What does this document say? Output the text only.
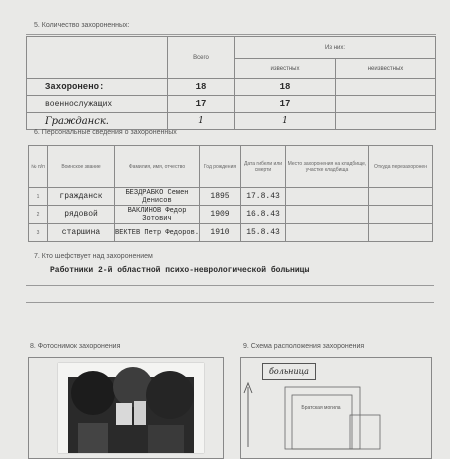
5. Количество захороненных:
	Всего	Из них:	
		известных	неизвестных
Захоронено:	18	18	
военнослужащих	17	17	
Гражданск.	1	1	
6. Персональные сведения о захороненных
№ п/п	Воинское звание	Фамилия, имя, отчество	Год рождения	Дата гибели или смерти	Место захоронения на кладбище, участке кладбища	Откуда перезахоронен
1	гражданск	БЕЗДРАБКО Семен Денисов	1895	17.8.43		
2	рядовой	ВАКЛИНОВ Федор Зотович	1909	16.8.43		
3	старшина	ВЕКТЕВ Петр Федоров.	1910	15.8.43		
7. Кто шефствует над захоронением
Работники 2-й областной психо-неврологической больницы
8. Фотоснимок захоронения	9. Схема расположения захоронения
больница
Братская могила
